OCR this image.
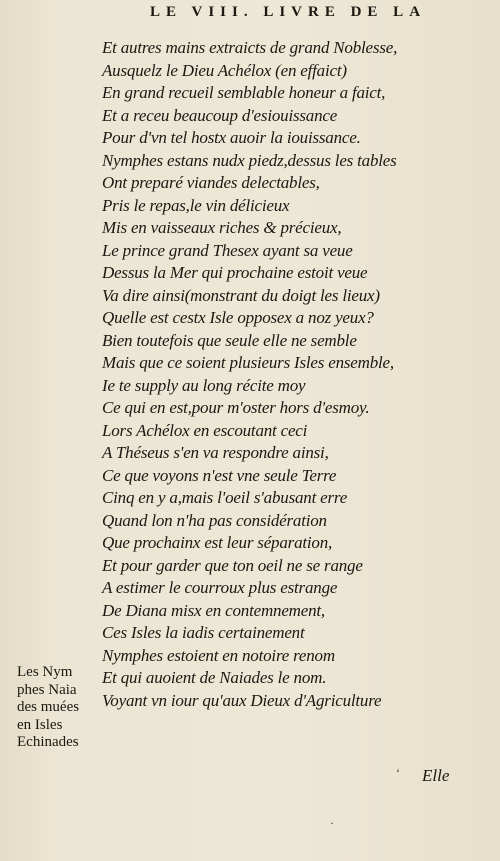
LE VIII. LIVRE DE LA
Et autres mains extraicts de grand Noblesse,
Ausquelz le Dieu Achélox (en effaict)
En grand recueil semblable honeur a faict,
Et a receu beaucoup d'esiouissance
Pour d'vn tel hostx auoir la iouissance.
Nymphes estans nudx piedz,dessus les tables
Ont preparé viandes delectables,
Pris le repas,le vin délicieux
Mis en vaisseaux riches & précieux,
Le prince grand Thesex ayant sa veue
Dessus la Mer qui prochaine estoit veue
Va dire ainsi(monstrant du doigt les lieux)
Quelle est cestx Isle opposex a noz yeux?
Bien toutefois que seule elle ne semble
Mais que ce soient plusieurs Isles ensemble,
Ie te supply au long récite moy
Ce qui en est,pour m'oster hors d'esmoy.
Lors Achélox en escoutant ceci
A Théseus s'en va respondre ainsi,
Ce que voyons n'est vne seule Terre
Cinq en y a,mais l'oeil s'abusant erre
Quand lon n'ha pas considération
Que prochainx est leur séparation,
Et pour garder que ton oeil ne se range
A estimer le courroux plus estrange
De Diana misx en contemnement,
Ces Isles la iadis certainement
Nymphes estoient en notoire renom
Et qui auoient de Naiades le nom.
Voyant vn iour qu'aux Dieux d'Agriculture
Les Nym
phes Naia
des muées
en Isles
Echinades
Elle
‘
·
